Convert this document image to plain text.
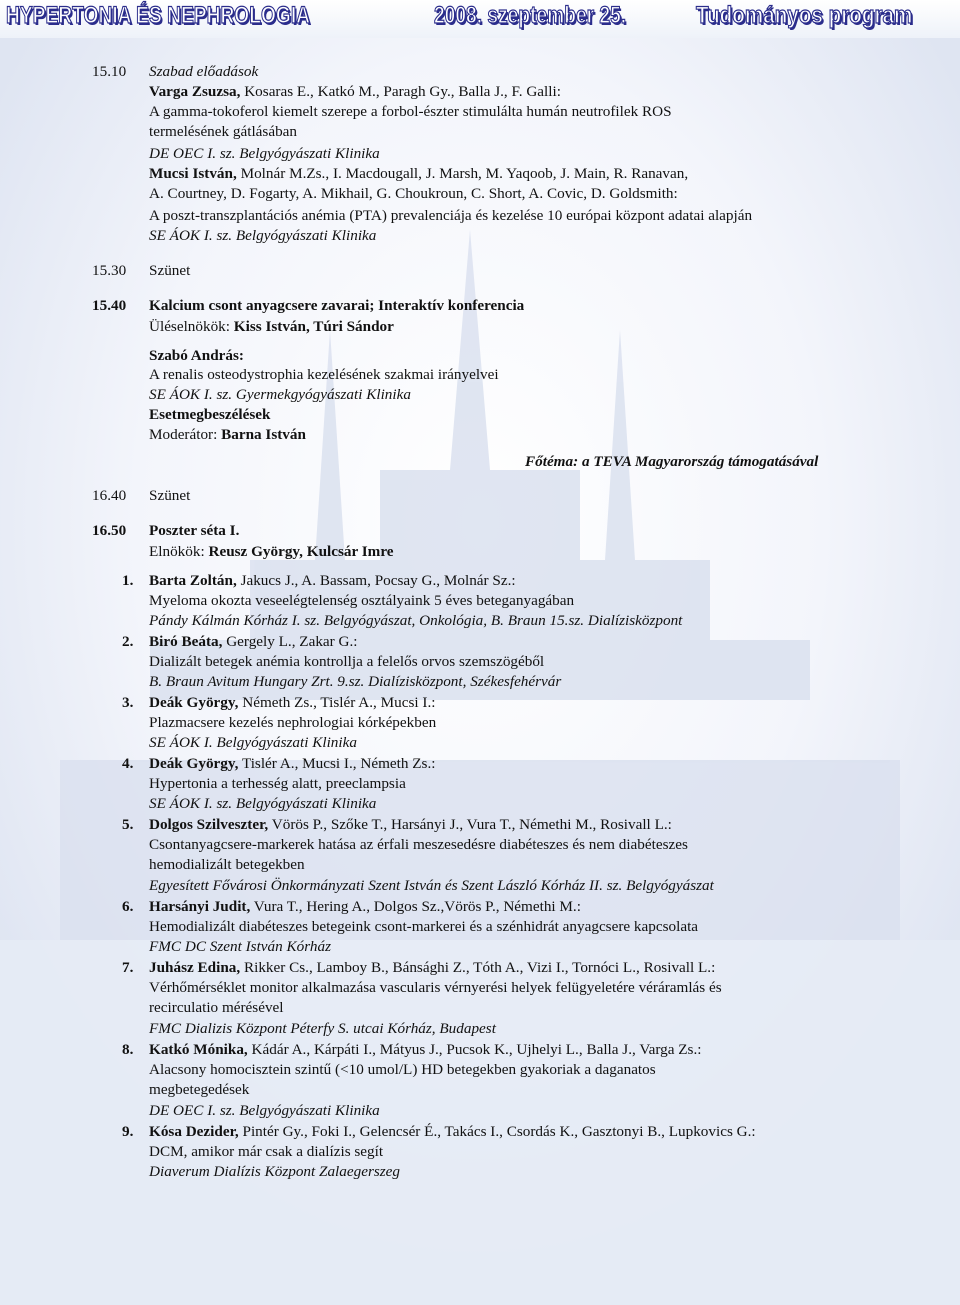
HYPERTONIA ÉS NEPHROLOGIA	2008. szeptember 25.	Tudományos program
15.10 Szabad előadások
Varga Zsuzsa, Kosaras E., Katkó M., Paragh Gy., Balla J., F. Galli:
A gamma-tokoferol kiemelt szerepe a forbol-észter stimulálta humán neutrofilek ROS
termelésének gátlásában
DE OEC I. sz. Belgyógyászati Klinika
Mucsi István, Molnár M.Zs., I. Macdougall, J. Marsh, M. Yaqoob, J. Main, R. Ranavan,
A. Courtney, D. Fogarty, A. Mikhail, G. Choukroun, C. Short, A. Covic, D. Goldsmith:
A poszt-transzplantációs anémia (PTA) prevalenciája és kezelése 10 európai központ adatai alapján
SE ÁOK I. sz. Belgyógyászati Klinika
15.30 Szünet
15.40 Kalcium csont anyagcsere zavarai; Interaktív konferencia
Üléselnökök: Kiss István, Túri Sándor
Szabó András:
A renalis osteodystrophia kezelésének szakmai irányelvei
SE ÁOK I. sz. Gyermekgyógyászati Klinika
Esetmegbeszélések
Moderátor: Barna István
Főtéma: a TEVA Magyarország támogatásával
16.40 Szünet
16.50 Poszter séta I.
Elnökök: Reusz György, Kulcsár Imre
1. Barta Zoltán, Jakucs J., A. Bassam, Pocsay G., Molnár Sz.:
Myeloma okozta veseelégtelenség osztályaink 5 éves beteganyagában
Pándy Kálmán Kórház I. sz. Belgyógyászat, Onkológia, B. Braun 15.sz. Dialízisközpont
2. Biró Beáta, Gergely L., Zakar G.:
Dializált betegek anémia kontrollja a felelős orvos szemszögéből
B. Braun Avitum Hungary Zrt. 9.sz. Dialízisközpont, Székesfehérvár
3. Deák György, Németh Zs., Tislér A., Mucsi I.:
Plazmacsere kezelés nephrologiai kórképekben
SE ÁOK I. Belgyógyászati Klinika
4. Deák György, Tislér A., Mucsi I., Németh Zs.:
Hypertonia a terhesség alatt, preeclampsia
SE ÁOK I. sz. Belgyógyászati Klinika
5. Dolgos Szilveszter, Vörös P., Szőke T., Harsányi J., Vura T., Némethi M., Rosivall L.:
Csontanyagcsere-markerek hatása az érfali meszesedésre diabéteszes és nem diabéteszes
hemodializált betegekben
Egyesített Fővárosi Önkormányzati Szent István és Szent László Kórház II. sz. Belgyógyászat
6. Harsányi Judit, Vura T., Hering A., Dolgos Sz.,Vörös P., Némethi M.:
Hemodializált diabéteszes betegeink csont-markerei és a szénhidrát anyagcsere kapcsolata
FMC DC Szent István Kórház
7. Juhász Edina, Rikker Cs., Lamboy B., Bánsághi Z., Tóth A., Vizi I., Tornóci L., Rosivall L.:
Vérhőmérséklet monitor alkalmazása vascularis vérnyerési helyek felügyeletére véráramlás és
recirculatio mérésével
FMC Dializis Központ Péterfy S. utcai Kórház, Budapest
8. Katkó Mónika, Kádár A., Kárpáti I., Mátyus J., Pucsok K., Ujhelyi L., Balla J., Varga Zs.:
Alacsony homocisztein szintű (<10 umol/L) HD betegekben gyakoriak a daganatos
megbetegedések
DE OEC I. sz. Belgyógyászati Klinika
9. Kósa Dezider, Pintér Gy., Foki I., Gelencsér É., Takács I., Csordás K., Gasztonyi B., Lupkovics G.:
DCM, amikor már csak a dialízis segít
Diaverum Dialízis Központ Zalaegerszeg
